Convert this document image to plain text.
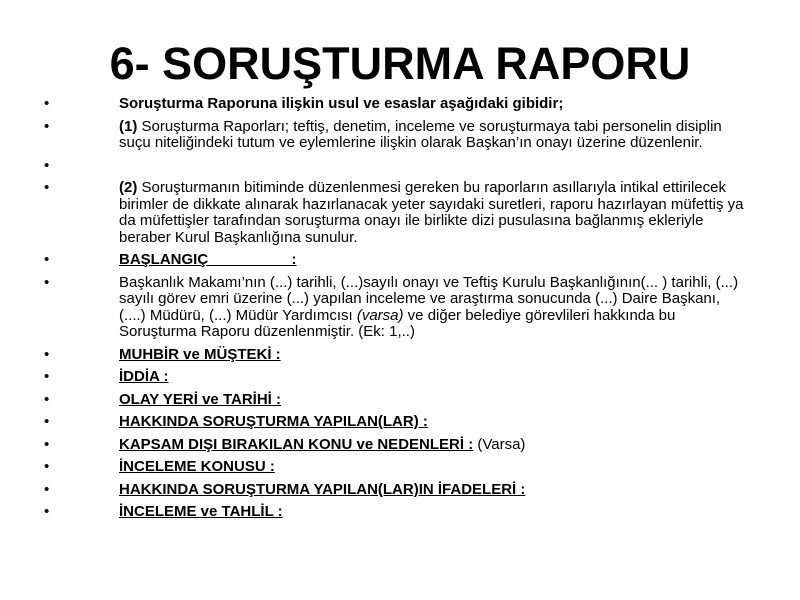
6- SORUŞTURMA RAPORU
•	Soruşturma Raporuna ilişkin usul ve esaslar aşağıdaki gibidir;
•	(1) Soruşturma Raporları; teftiş, denetim, inceleme ve soruşturmaya tabi personelin disiplin suçu niteliğindeki tutum ve eylemlerine ilişkin olarak Başkan’ın onayı üzerine düzenlenir.
•
•	(2) Soruşturmanın bitiminde düzenlenmesi gereken bu raporların asıllarıyla intikal ettirilecek birimler de dikkate alınarak hazırlanacak yeter sayıdaki suretleri, raporu hazırlayan müfettiş ya da müfettişler tarafından soruşturma onayı ile birlikte dizi pusulasına bağlanmış ekleriyle beraber Kurul Başkanlığına sunulur.
•	BAŞLANGIÇ                    :
•	Başkanlık Makamı’nın (...) tarihli, (...)sayılı onayı ve Teftiş Kurulu Başkanlığının(... ) tarihli, (...) sayılı görev emri üzerine (...) yapılan inceleme ve araştırma sonucunda (...) Daire Başkanı, (....) Müdürü, (...) Müdür Yardımcısı (varsa) ve diğer belediye görevlileri hakkında bu Soruşturma Raporu düzenlenmiştir. (Ek: 1,..)
•	MUHBİR ve MÜŞTEKİ :
•	İDDİA :
•	OLAY YERİ ve TARİHİ :
•	HAKKINDA SORUŞTURMA YAPILAN(LAR) :
•	KAPSAM DIŞI BIRAKILAN KONU ve NEDENLERİ : (Varsa)
•	İNCELEME KONUSU :
•	HAKKINDA SORUŞTURMA YAPILAN(LAR)IN İFADELERİ :
•	İNCELEME ve TAHLİL :
